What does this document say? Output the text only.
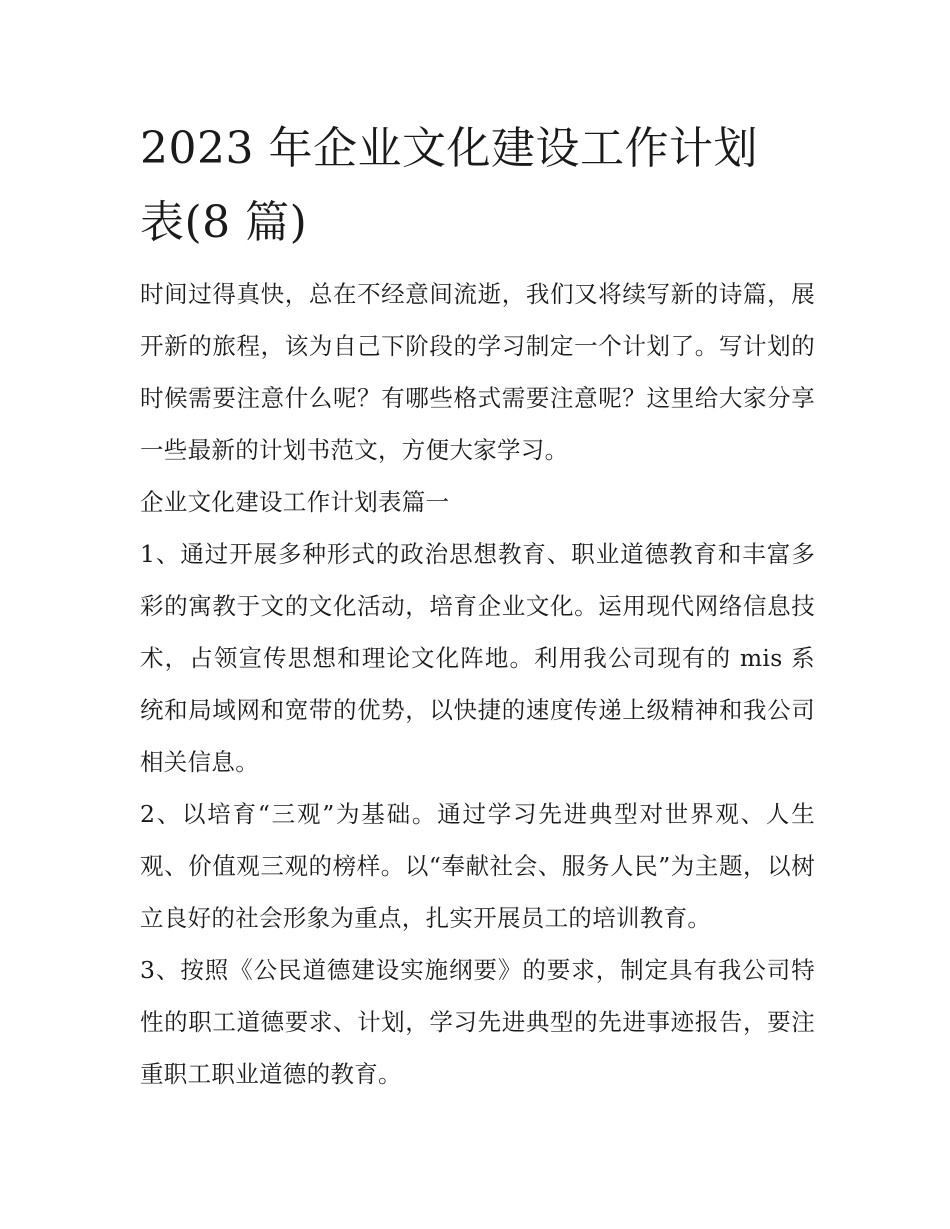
2023 年企业文化建设工作计划
表(8 篇)

时间过得真快，总在不经意间流逝，我们又将续写新的诗篇，展开新的旅程，该为自己下阶段的学习制定一个计划了。写计划的时候需要注意什么呢？有哪些格式需要注意呢？这里给大家分享一些最新的计划书范文，方便大家学习。

企业文化建设工作计划表篇一

1、通过开展多种形式的政治思想教育、职业道德教育和丰富多彩的寓教于文的文化活动，培育企业文化。运用现代网络信息技术，占领宣传思想和理论文化阵地。利用我公司现有的 mis 系统和局域网和宽带的优势，以快捷的速度传递上级精神和我公司相关信息。

2、以培育“三观”为基础。通过学习先进典型对世界观、人生观、价值观三观的榜样。以“奉献社会、服务人民”为主题，以树立良好的社会形象为重点，扎实开展员工的培训教育。

3、按照《公民道德建设实施纲要》的要求，制定具有我公司特性的职工道德要求、计划，学习先进典型的先进事迹报告，要注重职工职业道德的教育。
